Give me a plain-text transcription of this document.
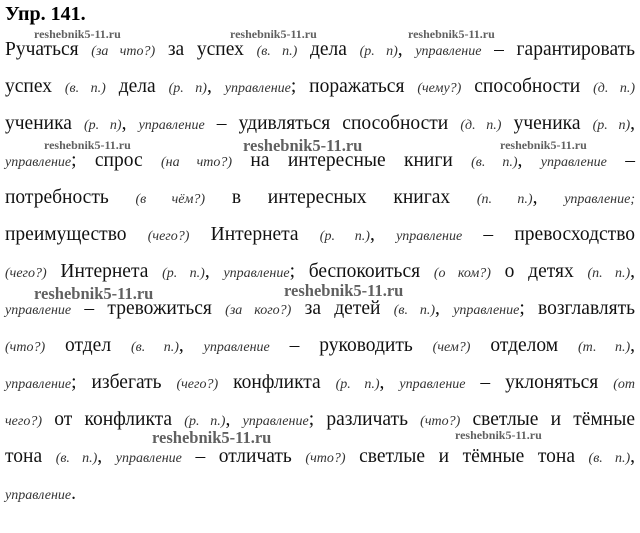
Упр. 141.
Ручаться (за что?) за успех (в. п.) дела (р. п), управление – гарантировать
успех (в. п.) дела (р. п), управление; поражаться (чему?) способности (д. п.)
ученика (р. п), управление – удивляться способности (д. п.) ученика (р. п),
управление; спрос (на что?) на интересные книги (в. п.), управление –
потребность (в чём?) в интересных книгах (п. п.), управление;
преимущество (чего?) Интернета (р. п.), управление – превосходство
(чего?) Интернета (р. п.), управление; беспокоиться (о ком?) о детях (п. п.),
управление – тревожиться (за кого?) за детей (в. п.), управление; возглавлять
(что?) отдел (в. п.), управление – руководить (чем?) отделом (т. п.),
управление; избегать (чего?) конфликта (р. п.), управление – уклоняться (от
чего?) от конфликта (р. п.), управление; различать (что?) светлые и тёмные
тона (в. п.), управление – отличать (что?) светлые и тёмные тона (в. п.),
управление.
reshebnik5-11.ru	reshebnik5-11.ru	reshebnik5-11.ru
reshebnik5-11.ru	reshebnik5-11.ru	reshebnik5-11.ru
reshebnik5-11.ru	reshebnik5-11.ru
reshebnik5-11.ru	reshebnik5-11.ru
